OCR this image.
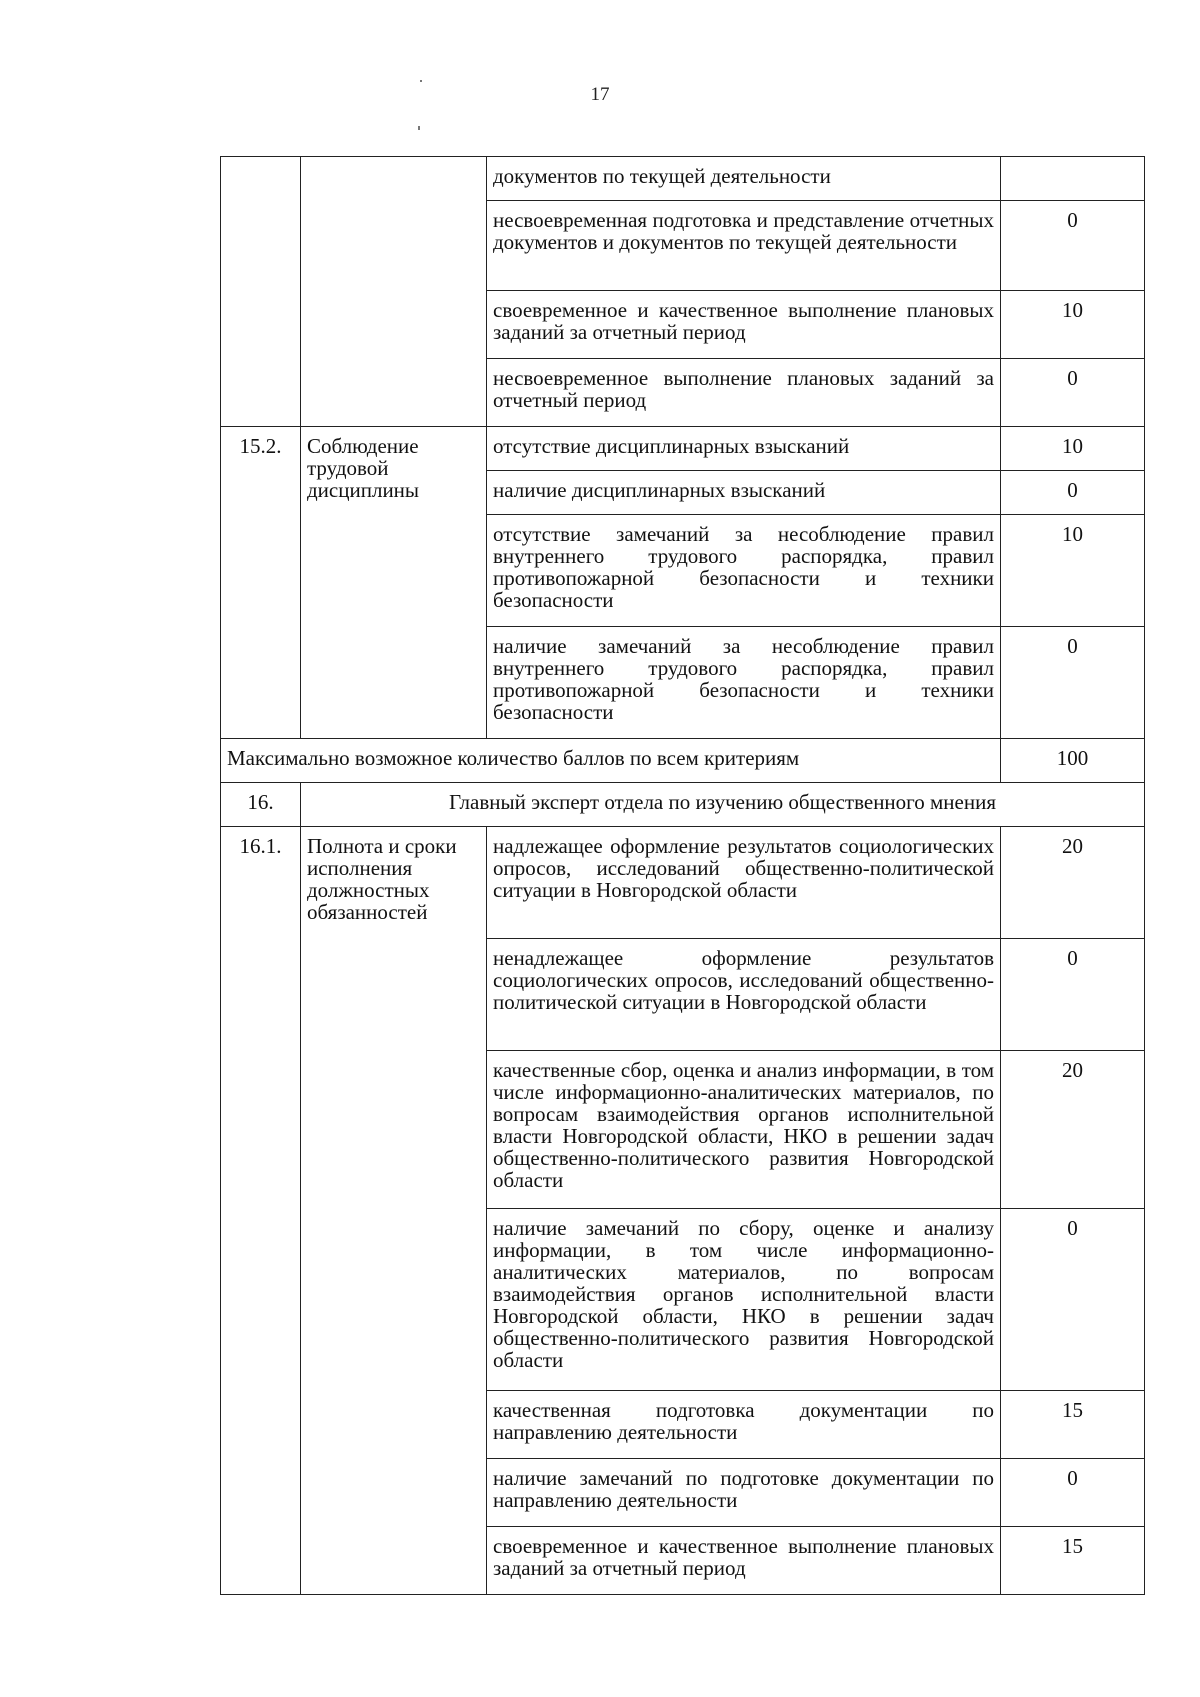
17
		документов по текущей деятельности	
		несвоевременная подготовка и представление отчетных документов и документов по текущей деятельности	0
		своевременное и качественное выполнение плановых заданий за отчетный период	10
		несвоевременное выполнение плановых заданий за отчетный период	0
15.2.	Соблюдение трудовой дисциплины	отсутствие дисциплинарных взысканий	10
		наличие дисциплинарных взысканий	0
		отсутствие замечаний за несоблюдение правил внутреннего трудового распорядка, правил противопожарной безопасности и техники безопасности	10
		наличие замечаний за несоблюдение правил внутреннего трудового распорядка, правил противопожарной безопасности и техники безопасности	0
Максимально возможное количество баллов по всем критериям			100
16.	Главный эксперт отдела по изучению общественного мнения		
16.1.	Полнота и сроки исполнения должностных обязанностей	надлежащее оформление результатов социологических опросов, исследований общественно-политической ситуации в Новгородской области	20
		ненадлежащее оформление результатов социологических опросов, исследований общественно-политической ситуации в Новгородской области	0
		качественные сбор, оценка и анализ информации, в том числе информационно-аналитических материалов, по вопросам взаимодействия органов исполнительной власти Новгородской области, НКО в решении задач общественно-политического развития Новгородской области	20
		наличие замечаний по сбору, оценке и анализу информации, в том числе информационно-аналитических материалов, по вопросам взаимодействия органов исполнительной власти Новгородской области, НКО в решении задач общественно-политического развития Новгородской области	0
		качественная подготовка документации по направлению деятельности	15
		наличие замечаний по подготовке документации по направлению деятельности	0
		своевременное и качественное выполнение плановых заданий за отчетный период	15
